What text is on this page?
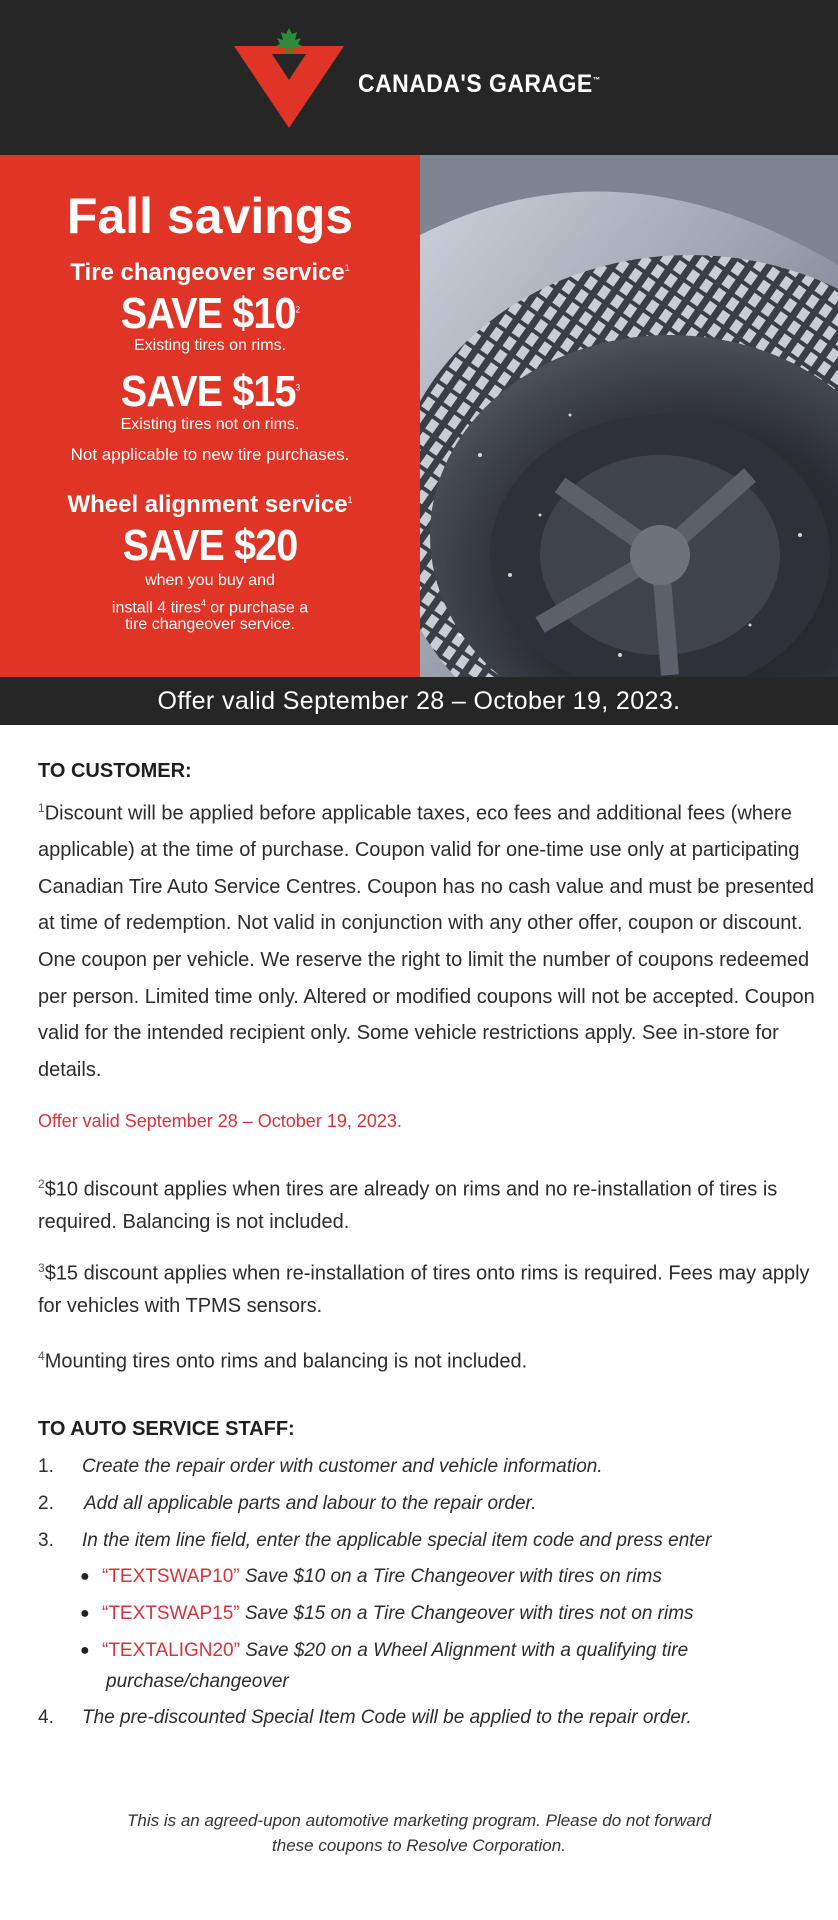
CANADA'S GARAGE™
Fall savings
Tire changeover service$^1$
SAVE $10$^2$
Existing tires on rims.
SAVE $15$^3$
Existing tires not on rims.
Not applicable to new tire purchases.
Wheel alignment service$^1$
SAVE $20
when you buy and
install 4 tires$^4$ or purchase a
tire changeover service.
Offer valid September 28 – October 19, 2023.
TO CUSTOMER:
$^1$Discount will be applied before applicable taxes, eco fees and additional fees (where applicable) at the time of purchase. Coupon valid for one-time use only at participating Canadian Tire Auto Service Centres. Coupon has no cash value and must be presented at time of redemption. Not valid in conjunction with any other offer, coupon or discount. One coupon per vehicle. We reserve the right to limit the number of coupons redeemed per person. Limited time only. Altered or modified coupons will not be accepted. Coupon valid for the intended recipient only. Some vehicle restrictions apply. See in-store for details.
Offer valid September 28 – October 19, 2023.
$^2$\$10 discount applies when tires are already on rims and no re-installation of tires is required. Balancing is not included.
$^3$\$15 discount applies when re-installation of tires onto rims is required. Fees may apply for vehicles with TPMS sensors.
$^4$Mounting tires onto rims and balancing is not included.
TO AUTO SERVICE STAFF:
1. Create the repair order with customer and vehicle information.
2. Add all applicable parts and labour to the repair order.
3. In the item line field, enter the applicable special item code and press enter
● “TEXTSWAP10” Save $10 on a Tire Changeover with tires on rims
● “TEXTSWAP15” Save $15 on a Tire Changeover with tires not on rims
● “TEXTALIGN20” Save $20 on a Wheel Alignment with a qualifying tire
purchase/changeover
4. The pre-discounted Special Item Code will be applied to the repair order.
This is an agreed-upon automotive marketing program. Please do not forward
these coupons to Resolve Corporation.
